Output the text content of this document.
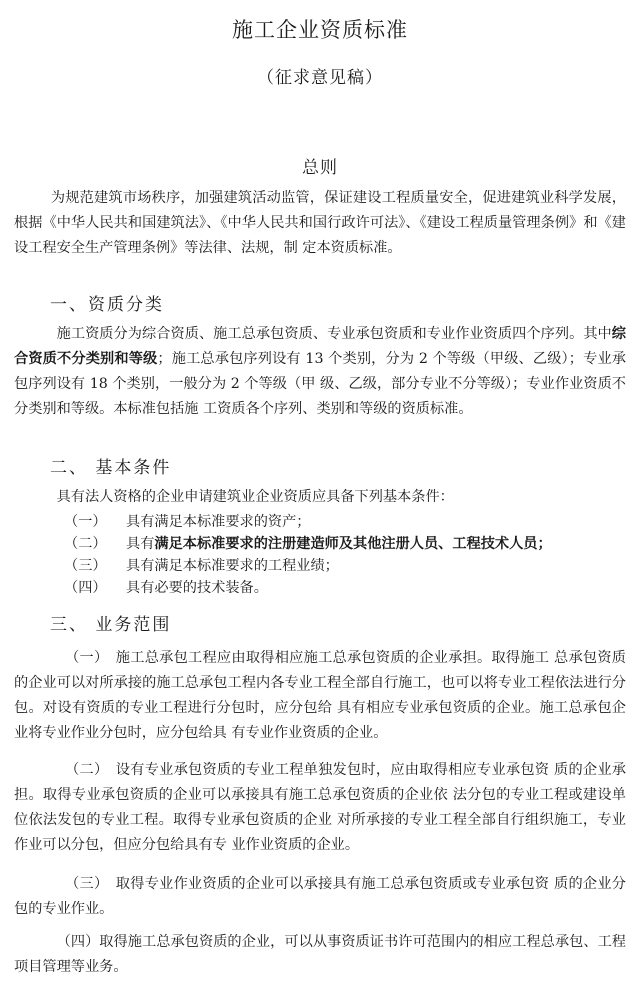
施工企业资质标准
（征求意见稿）
总则

为规范建筑市场秩序，加强建筑活动监管，保证建设工程质量安全，促进建筑业科学发展，根据《中华人民共和国建筑法》、《中华人民共和国行政许可法》、《建设工程质量管理条例》和《建设工程安全生产管理条例》等法律、法规，制 定本资质标准。

一、资质分类

施工资质分为综合资质、施工总承包资质、专业承包资质和专业作业资质四个序列。其中综合资质不分类别和等级；施工总承包序列设有 13 个类别，分为 2 个等级（甲级、乙级）；专业承包序列设有 18 个类别，一般分为 2 个等级（甲 级、乙级，部分专业不分等级）；专业作业资质不分类别和等级。本标准包括施 工资质各个序列、类别和等级的资质标准。

二、 基本条件

具有法人资格的企业申请建筑业企业资质应具备下列基本条件：

（一） 具有满足本标准要求的资产；
（二） 具有满足本标准要求的注册建造师及其他注册人员、工程技术人员；
（三） 具有满足本标准要求的工程业绩；
（四） 具有必要的技术装备。
三、 业务范围

（一）　施工总承包工程应由取得相应施工总承包资质的企业承担。取得施工 总承包资质的企业可以对所承接的施工总承包工程内各专业工程全部自行施工，也可以将专业工程依法进行分包。对设有资质的专业工程进行分包时，应分包给 具有相应专业承包资质的企业。施工总承包企业将专业作业分包时，应分包给具 有专业作业资质的企业。

（二）　设有专业承包资质的专业工程单独发包时，应由取得相应专业承包资 质的企业承担。取得专业承包资质的企业可以承接具有施工总承包资质的企业依 法分包的专业工程或建设单位依法发包的专业工程。取得专业承包资质的企业 对所承接的专业工程全部自行组织施工，专业作业可以分包，但应分包给具有专 业作业资质的企业。

（三）　取得专业作业资质的企业可以承接具有施工总承包资质或专业承包资 质的企业分包的专业作业。

（四）取得施工总承包资质的企业，可以从事资质证书许可范围内的相应工程总承包、工程项目管理等业务。
